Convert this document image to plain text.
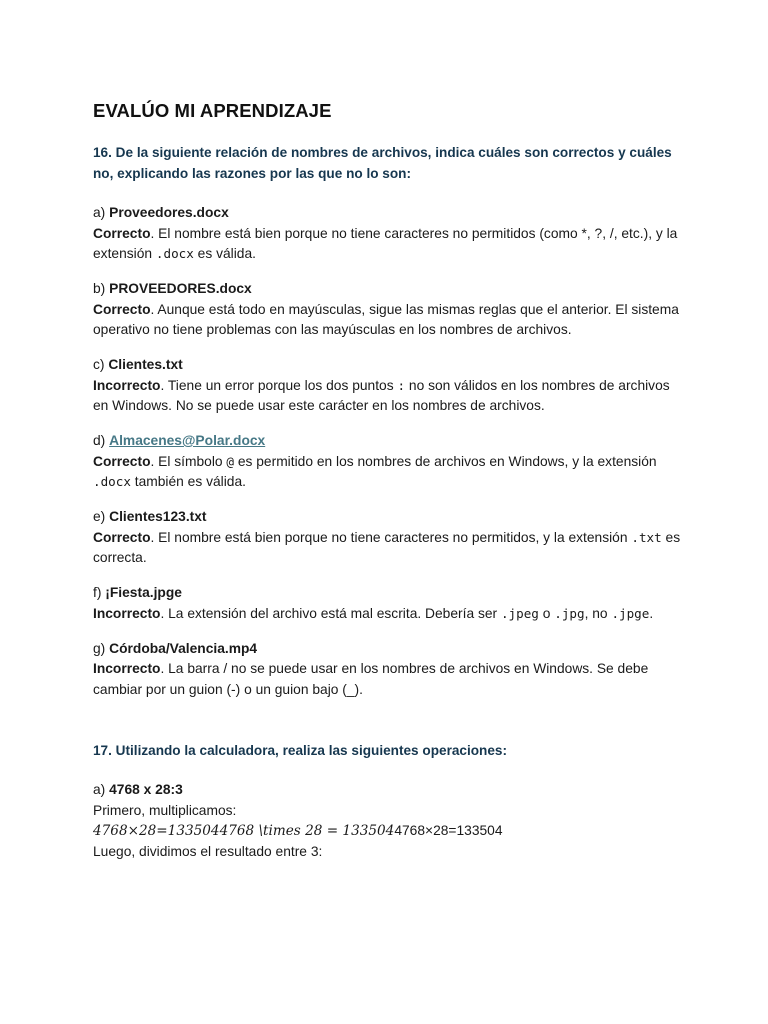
EVALÚO MI APRENDIZAJE

16. De la siguiente relación de nombres de archivos, indica cuáles son correctos y cuáles no, explicando las razones por las que no lo son:

a) Proveedores.docx
Correcto. El nombre está bien porque no tiene caracteres no permitidos (como *, ?, /, etc.), y la extensión .docx es válida.
b) PROVEEDORES.docx
Correcto. Aunque está todo en mayúsculas, sigue las mismas reglas que el anterior. El sistema operativo no tiene problemas con las mayúsculas en los nombres de archivos.
c) Clientes.txt
Incorrecto. Tiene un error porque los dos puntos : no son válidos en los nombres de archivos en Windows. No se puede usar este carácter en los nombres de archivos.
d) Almacenes@Polar.docx
Correcto. El símbolo @ es permitido en los nombres de archivos en Windows, y la extensión .docx también es válida.
e) Clientes123.txt
Correcto. El nombre está bien porque no tiene caracteres no permitidos, y la extensión .txt es correcta.
f) ¡Fiesta.jpge
Incorrecto. La extensión del archivo está mal escrita. Debería ser .jpeg o .jpg, no .jpge.
g) Córdoba/Valencia.mp4
Incorrecto. La barra / no se puede usar en los nombres de archivos en Windows. Se debe cambiar por un guion (-) o un guion bajo (_).

17. Utilizando la calculadora, realiza las siguientes operaciones:

a) 4768 x 28:3
Primero, multiplicamos:
4768×28=1335044768 \times 28 = 1335044768×28=133504
Luego, dividimos el resultado entre 3:
